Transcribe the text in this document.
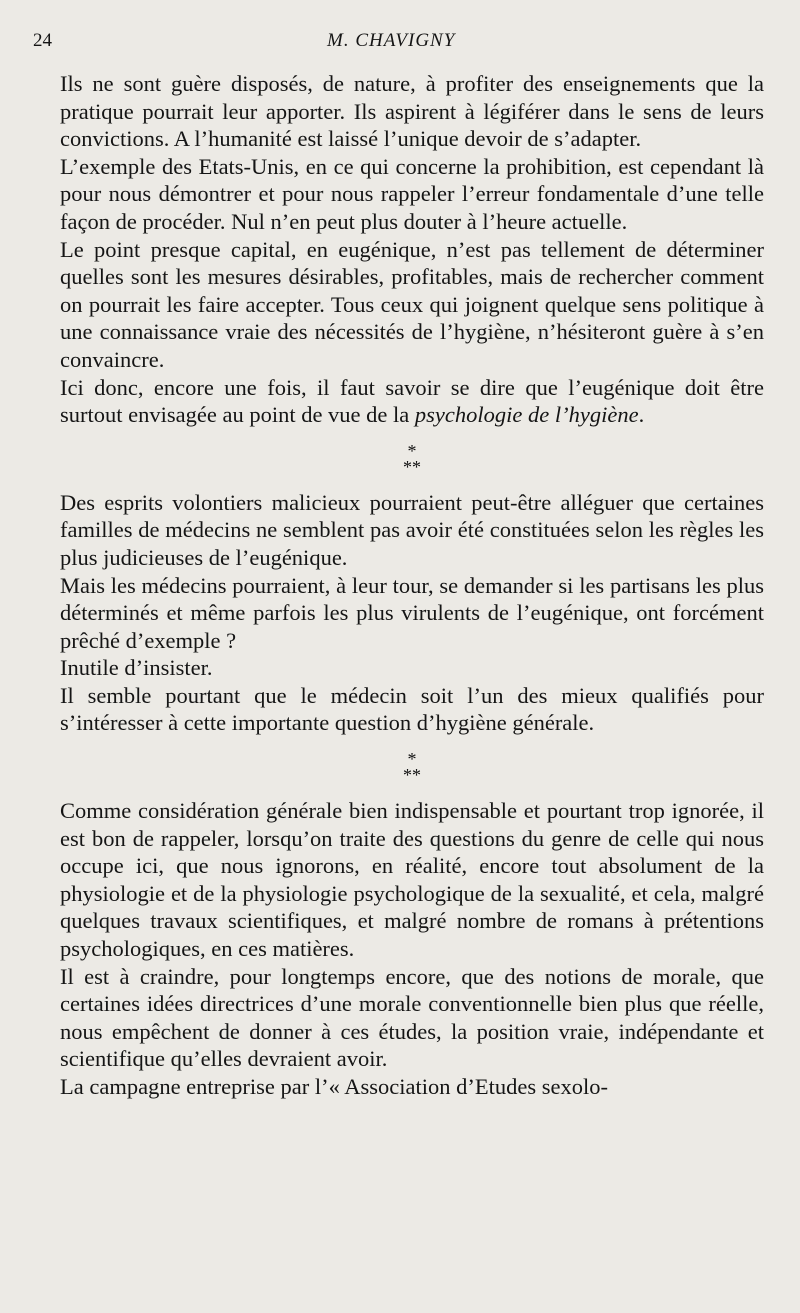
24	M. CHAVIGNY

Ils ne sont guère disposés, de nature, à profiter des enseignements que la pratique pourrait leur apporter. Ils aspirent à légiférer dans le sens de leurs convictions. A l’humanité est laissé l’unique devoir de s’adapter.

L’exemple des Etats-Unis, en ce qui concerne la prohibition, est cependant là pour nous démontrer et pour nous rappeler l’erreur fondamentale d’une telle façon de procéder. Nul n’en peut plus douter à l’heure actuelle.

Le point presque capital, en eugénique, n’est pas tellement de déterminer quelles sont les mesures désirables, profitables, mais de rechercher comment on pourrait les faire accepter. Tous ceux qui joignent quelque sens politique à une connaissance vraie des nécessités de l’hygiène, n’hésiteront guère à s’en convaincre.

Ici donc, encore une fois, il faut savoir se dire que l’eugénique doit être surtout envisagée au point de vue de la psychologie de l’hygiène.

*
**

Des esprits volontiers malicieux pourraient peut-être alléguer que certaines familles de médecins ne semblent pas avoir été constituées selon les règles les plus judicieuses de l’eugénique.

Mais les médecins pourraient, à leur tour, se demander si les partisans les plus déterminés et même parfois les plus virulents de l’eugénique, ont forcément prêché d’exemple ?

Inutile d’insister.

Il semble pourtant que le médecin soit l’un des mieux qualifiés pour s’intéresser à cette importante question d’hygiène générale.

*
**

Comme considération générale bien indispensable et pourtant trop ignorée, il est bon de rappeler, lorsqu’on traite des questions du genre de celle qui nous occupe ici, que nous ignorons, en réalité, encore tout absolument de la physiologie et de la physiologie psychologique de la sexualité, et cela, malgré quelques travaux scientifiques, et malgré nombre de romans à prétentions psychologiques, en ces matières.

Il est à craindre, pour longtemps encore, que des notions de morale, que certaines idées directrices d’une morale conventionnelle bien plus que réelle, nous empêchent de donner à ces études, la position vraie, indépendante et scientifique qu’elles devraient avoir.

La campagne entreprise par l’« Association d’Etudes sexolo-
